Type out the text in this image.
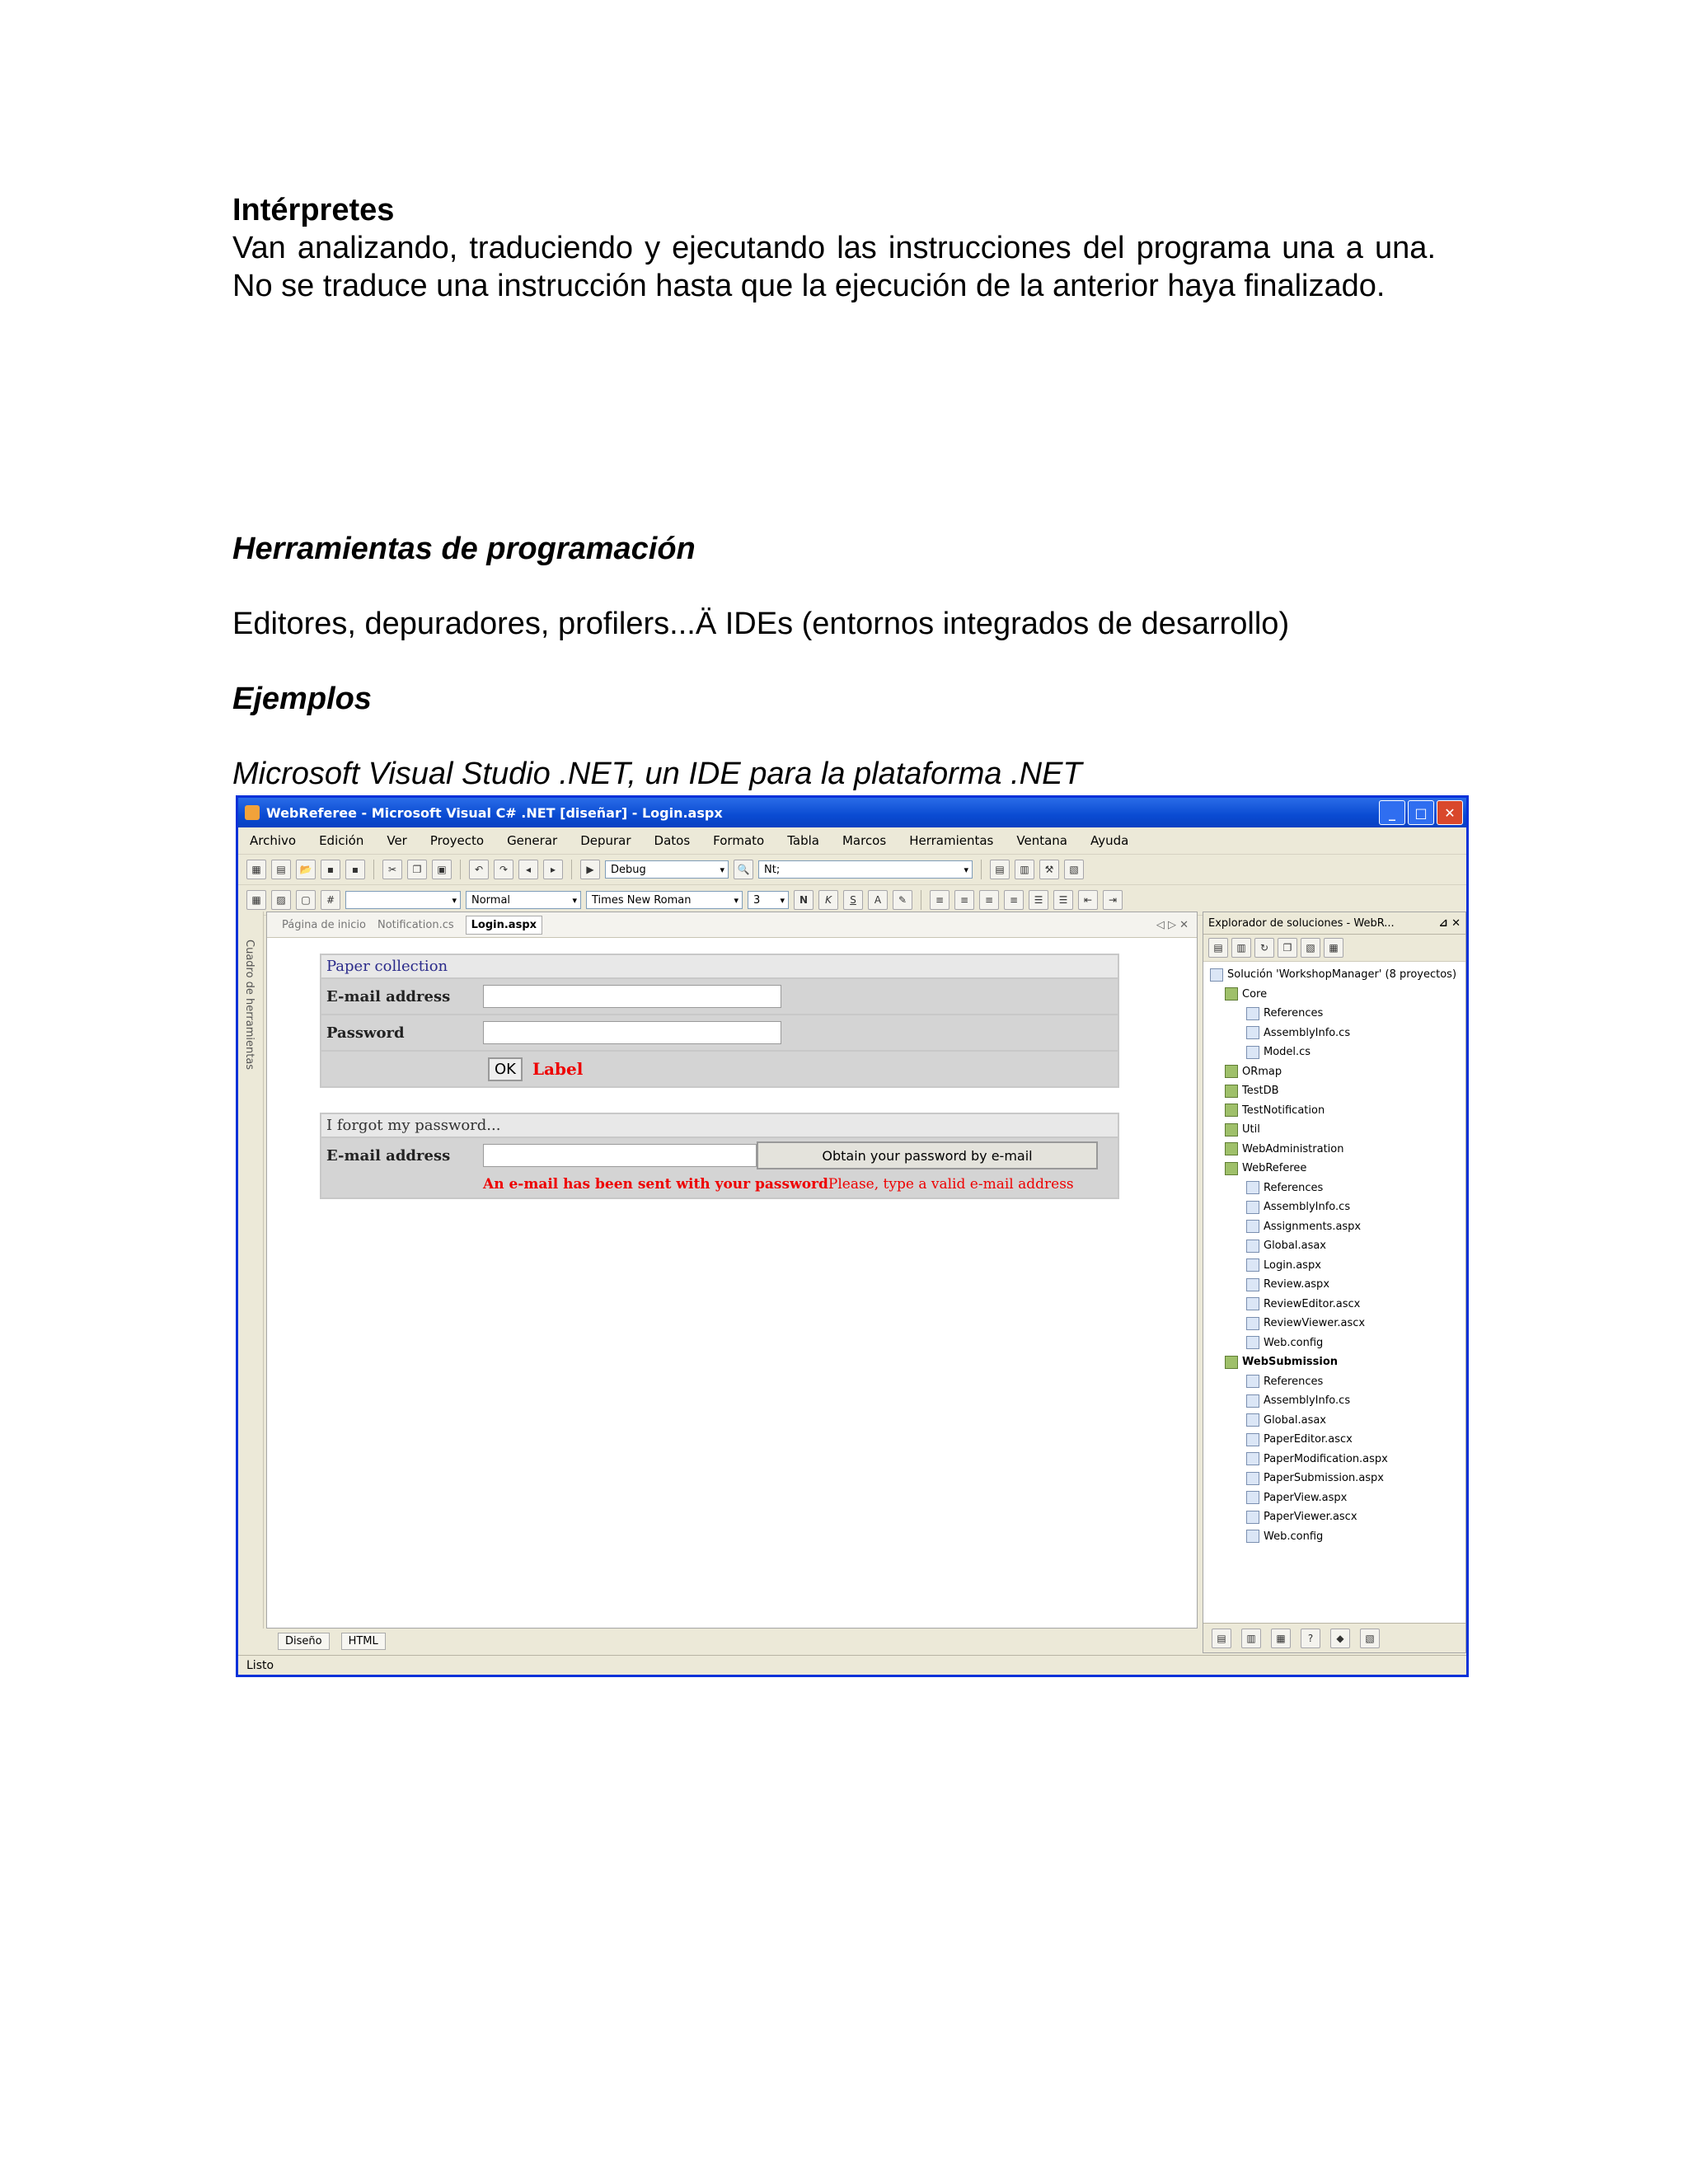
Intérpretes
Van analizando, traduciendo y ejecutando las instrucciones del programa una a una. No se traduce una instrucción hasta que la ejecución de la anterior haya finalizado.
Herramientas de programación
Editores, depuradores, profilers...Ä IDEs (entornos integrados de desarrollo)
Ejemplos
Microsoft Visual Studio .NET, un IDE para la plataforma .NET
WebReferee - Microsoft Visual C# .NET [diseñar] - Login.aspx	_	□	✕
Archivo Edición Ver Proyecto Generar Depurar Datos Formato Tabla Marcos Herramientas Ventana Ayuda
▦	▤	📂	▪	▪	✂	❐	▣	↶	↷	◂	▸	▶	Debug ▾	🔍	Nt; ▾	▤	▥	⚒	▧
▦	▨	▢	#
▾	Normal ▾	Times New Roman ▾	3 ▾	N K S	A	✎	≡	≡	≡	≡	☰	☰	⇤	⇥
Cuadro de herramientas
Página de inicio Notification.cs	Login.aspx	◁ ▷ ✕
Paper collection
E-mail address
Password
OK	Label
I forgot my password...
E-mail address	Obtain your password by e-mail
An e-mail has been sent with your passwordPlease, type a valid e-mail address
Diseño	HTML
Explorador de soluciones - WebR...	⊿ ✕
▤	▥	↻	❐	▧	▦
Solución 'WorkshopManager' (8 proyectos)
Core
References
AssemblyInfo.cs
Model.cs
ORmap
TestDB
TestNotification
Util
WebAdministration
WebReferee
References
AssemblyInfo.cs
Assignments.aspx
Global.asax
Login.aspx
Review.aspx
ReviewEditor.ascx
ReviewViewer.ascx
Web.config
WebSubmission
References
AssemblyInfo.cs
Global.asax
PaperEditor.ascx
PaperModification.aspx
PaperSubmission.aspx
PaperView.aspx
PaperViewer.ascx
Web.config
▤	▥	▦	?	◆	▧
Listo
